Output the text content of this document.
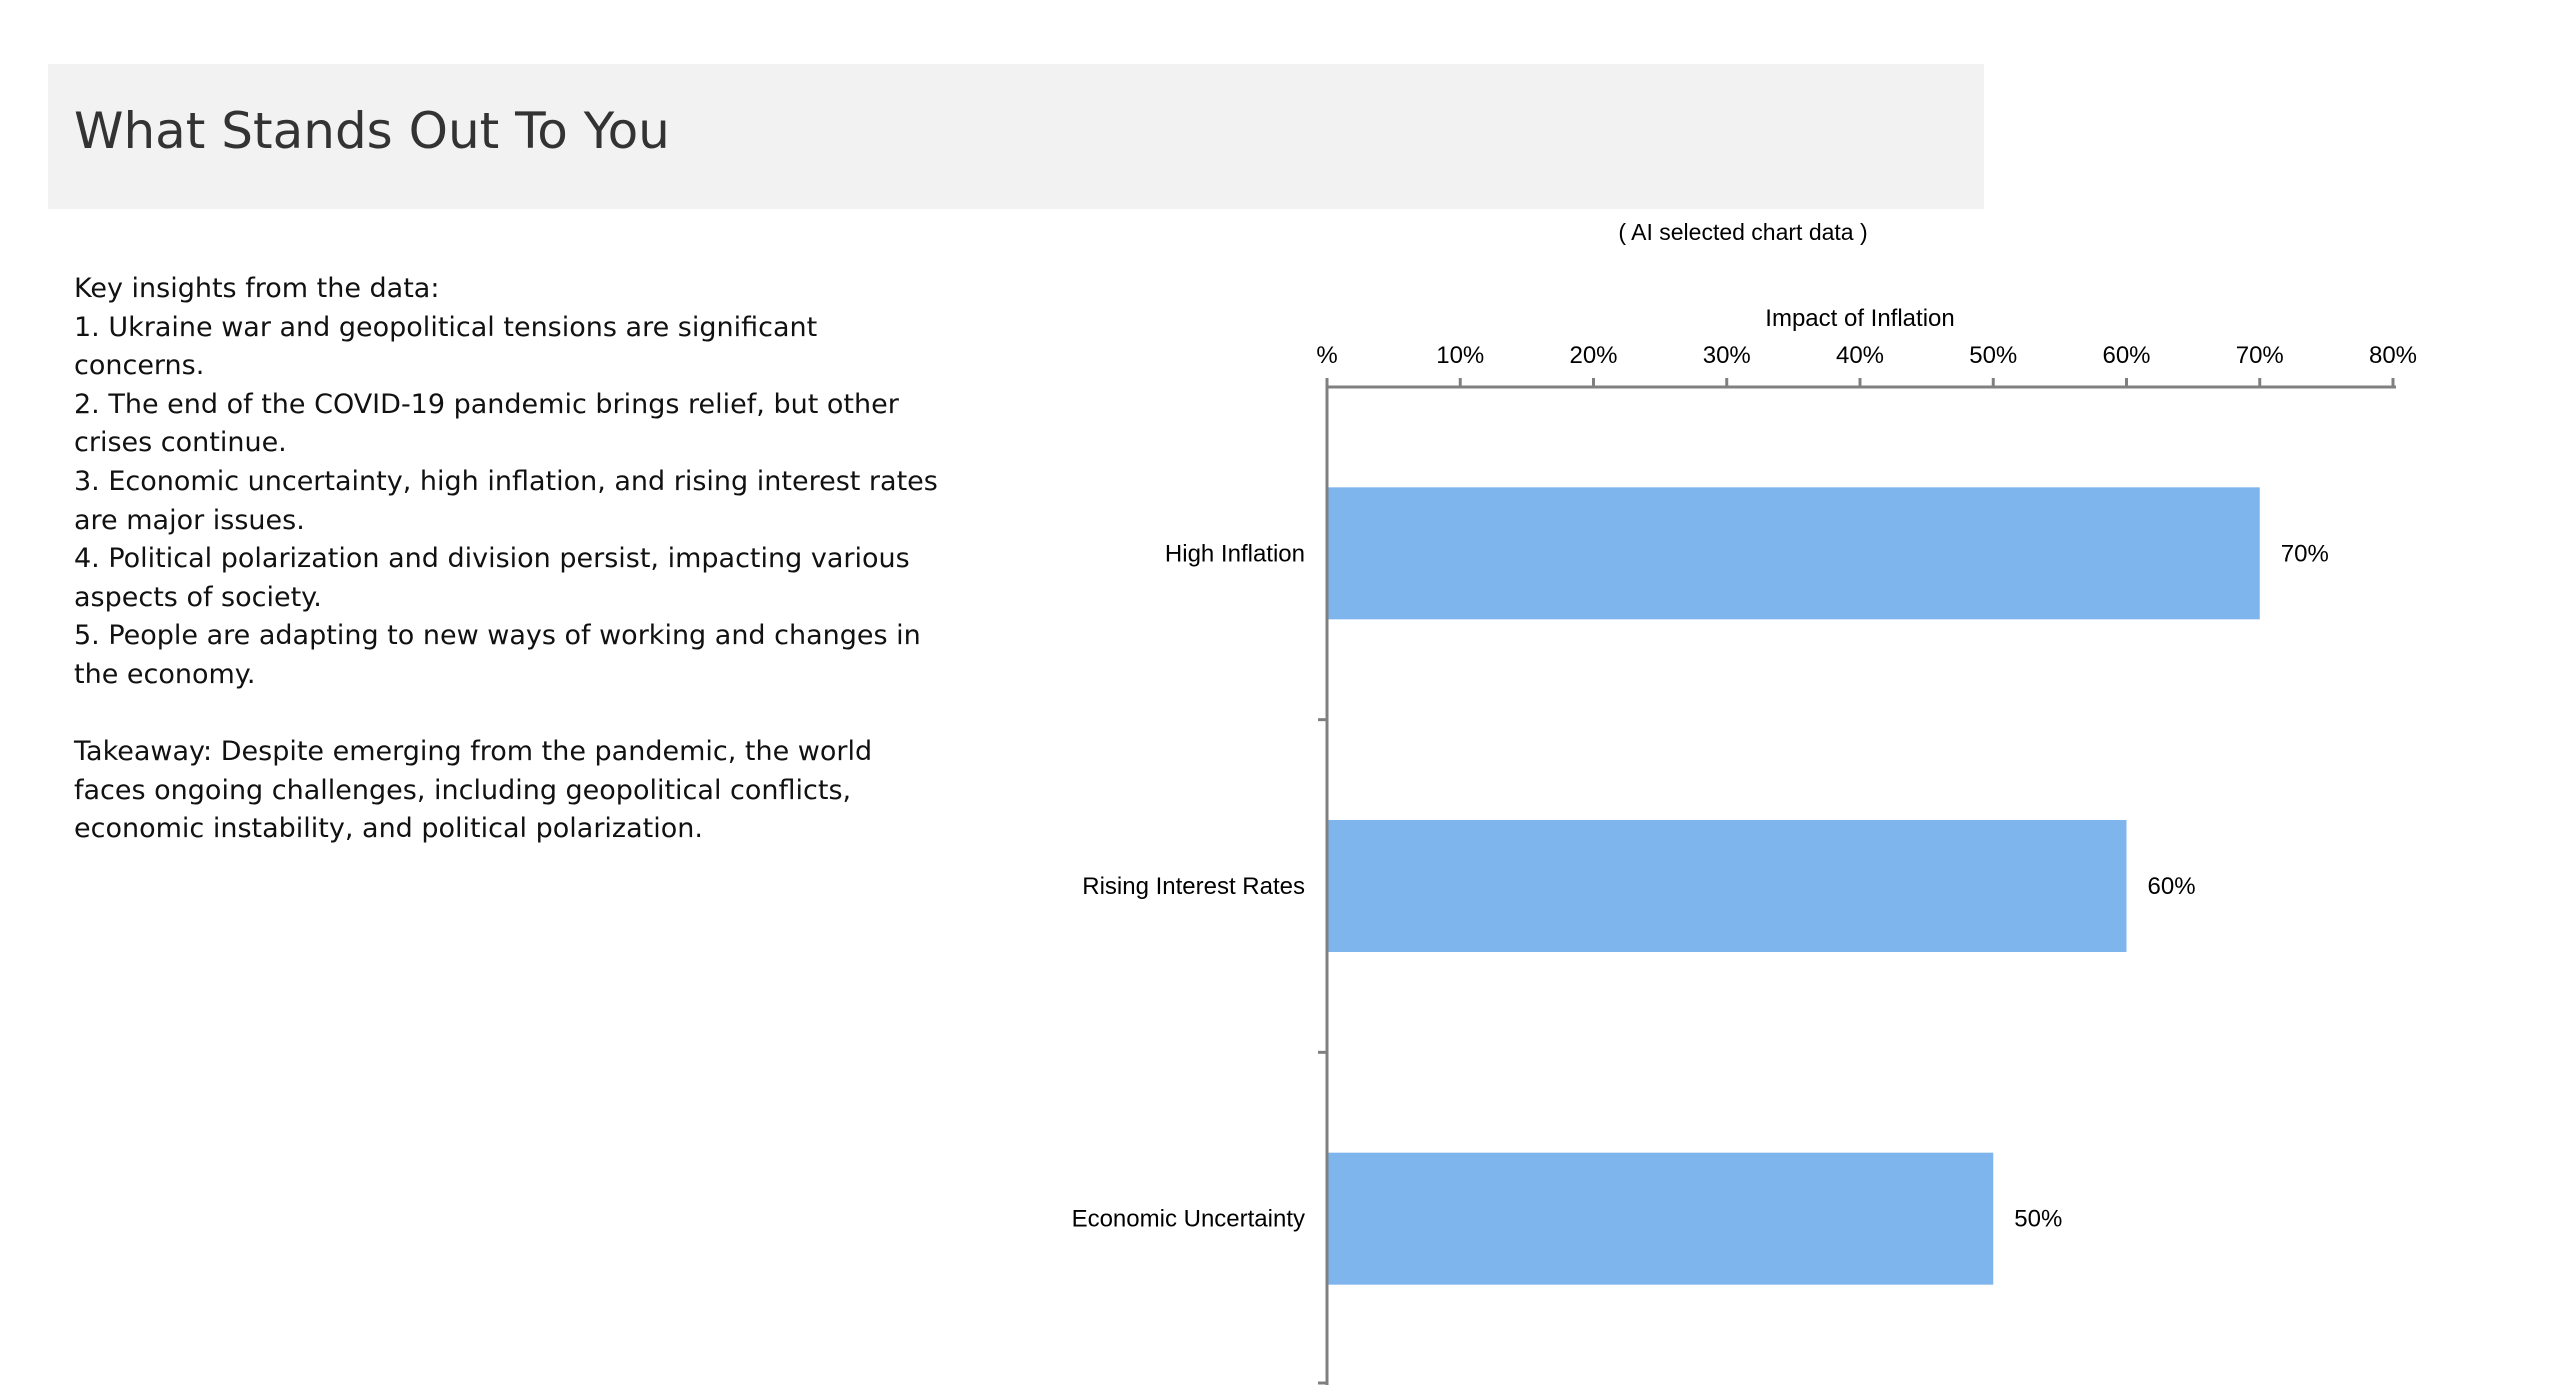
What Stands Out To You
Key insights from the data:
1. Ukraine war and geopolitical tensions are significant concerns.
2. The end of the COVID-19 pandemic brings relief, but other
crises continue.
3. Economic uncertainty, high inflation, and rising interest rates
are major issues.
4. Political polarization and division persist, impacting various
aspects of society.
5. People are adapting to new ways of working and changes in
the economy.
Takeaway: Despite emerging from the pandemic, the world
faces ongoing challenges, including geopolitical conflicts,
economic instability, and political polarization.
( AI selected chart data )
Impact of Inflation
High Inflation	70%
Rising Interest Rates	60%
Economic Uncertainty	50%
%	10%	20%	30%	40%	50%	60%	70%	80%
